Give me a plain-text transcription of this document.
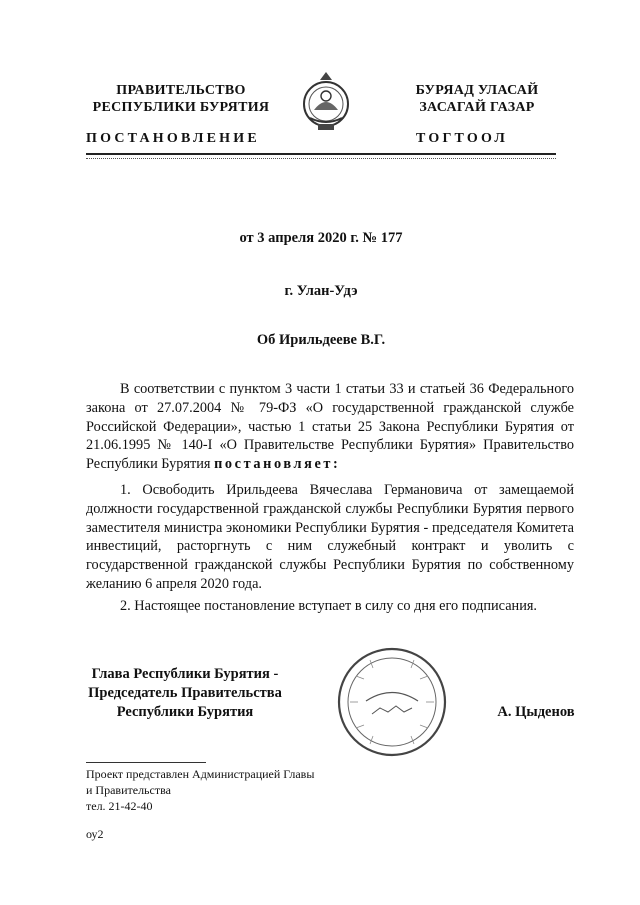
ПРАВИТЕЛЬСТВО
РЕСПУБЛИКИ БУРЯТИЯ
БУРЯАД УЛАСАЙ
ЗАСАГАЙ ГАЗАР
ПОСТАНОВЛЕНИЕ	ТОГТООЛ
от 3 апреля 2020 г. № 177
г. Улан-Удэ
Об Ирильдееве В.Г.
В соответствии с пунктом 3 части 1 статьи 33 и статьей 36 Федерального закона от 27.07.2004 № 79-ФЗ «О государственной гражданской службе Российской Федерации», частью 1 статьи 25 Закона Республики Бурятия от 21.06.1995 № 140-I «О Правительстве Республики Бурятия» Правительство Республики Бурятия постановляет:
1. Освободить Ирильдеева Вячеслава Германовича от замещаемой должности государственной гражданской службы Республики Бурятия первого заместителя министра экономики Республики Бурятия - председателя Комитета инвестиций, расторгнуть с ним служебный контракт и уволить с государственной гражданской службы Республики Бурятия по собственному желанию 6 апреля 2020 года.
2. Настоящее постановление вступает в силу со дня его подписания.
Глава Республики Бурятия -
Председатель Правительства
Республики Бурятия	А. Цыденов
Проект представлен Администрацией Главы
и Правительства
тел. 21-42-40
оу2
